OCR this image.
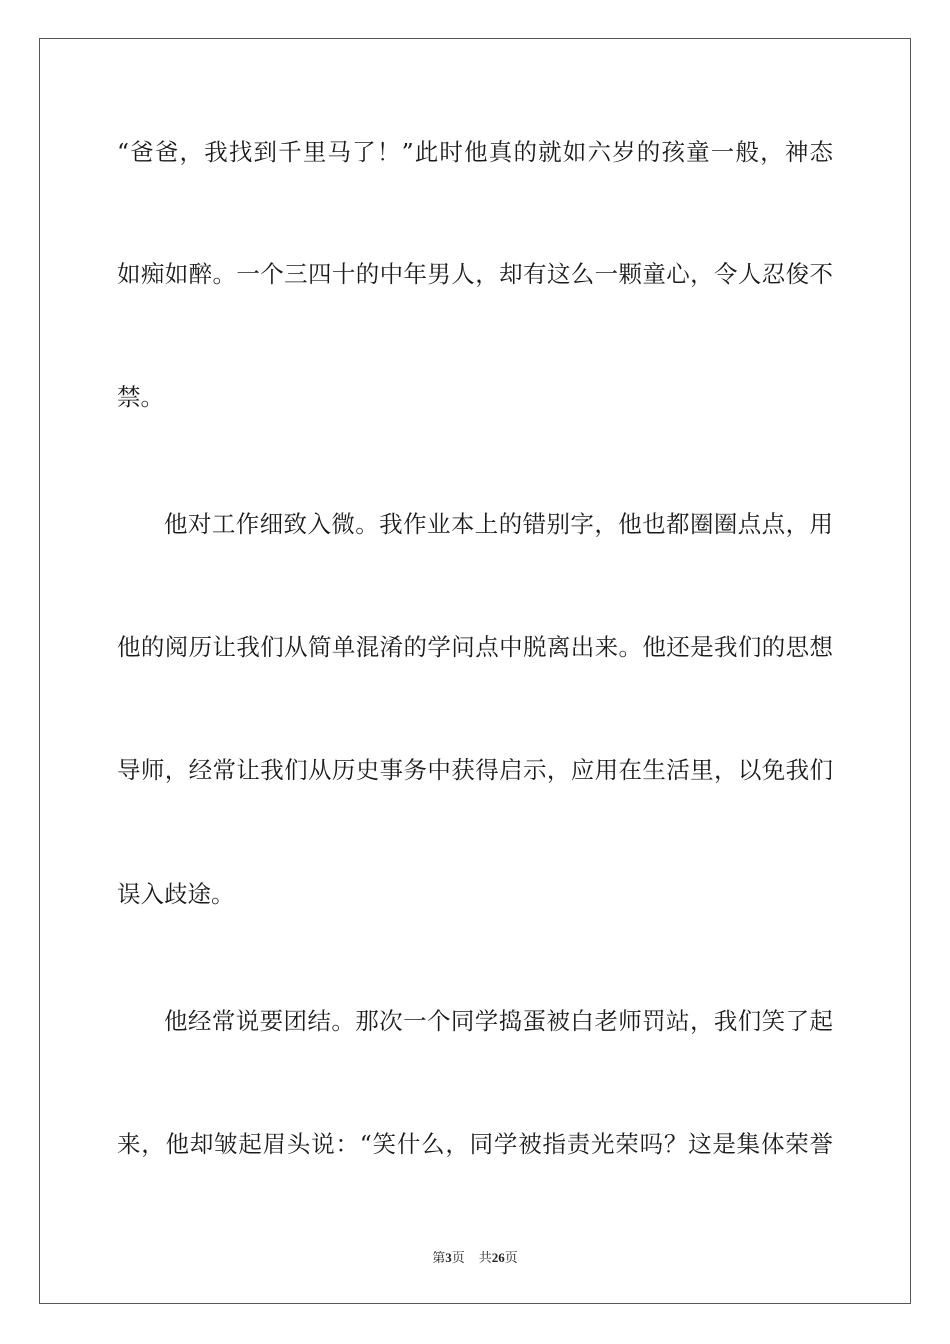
“爸爸，我找到千里马了！”此时他真的就如六岁的孩童一般，神态
如痴如醉。一个三四十的中年男人，却有这么一颗童心，令人忍俊不
禁。
他对工作细致入微。我作业本上的错别字，他也都圈圈点点，用
他的阅历让我们从简单混淆的学问点中脱离出来。他还是我们的思想
导师，经常让我们从历史事务中获得启示，应用在生活里，以免我们
误入歧途。
他经常说要团结。那次一个同学捣蛋被白老师罚站，我们笑了起
来，他却皱起眉头说：“笑什么，同学被指责光荣吗？这是集体荣誉
第3页 共26页
